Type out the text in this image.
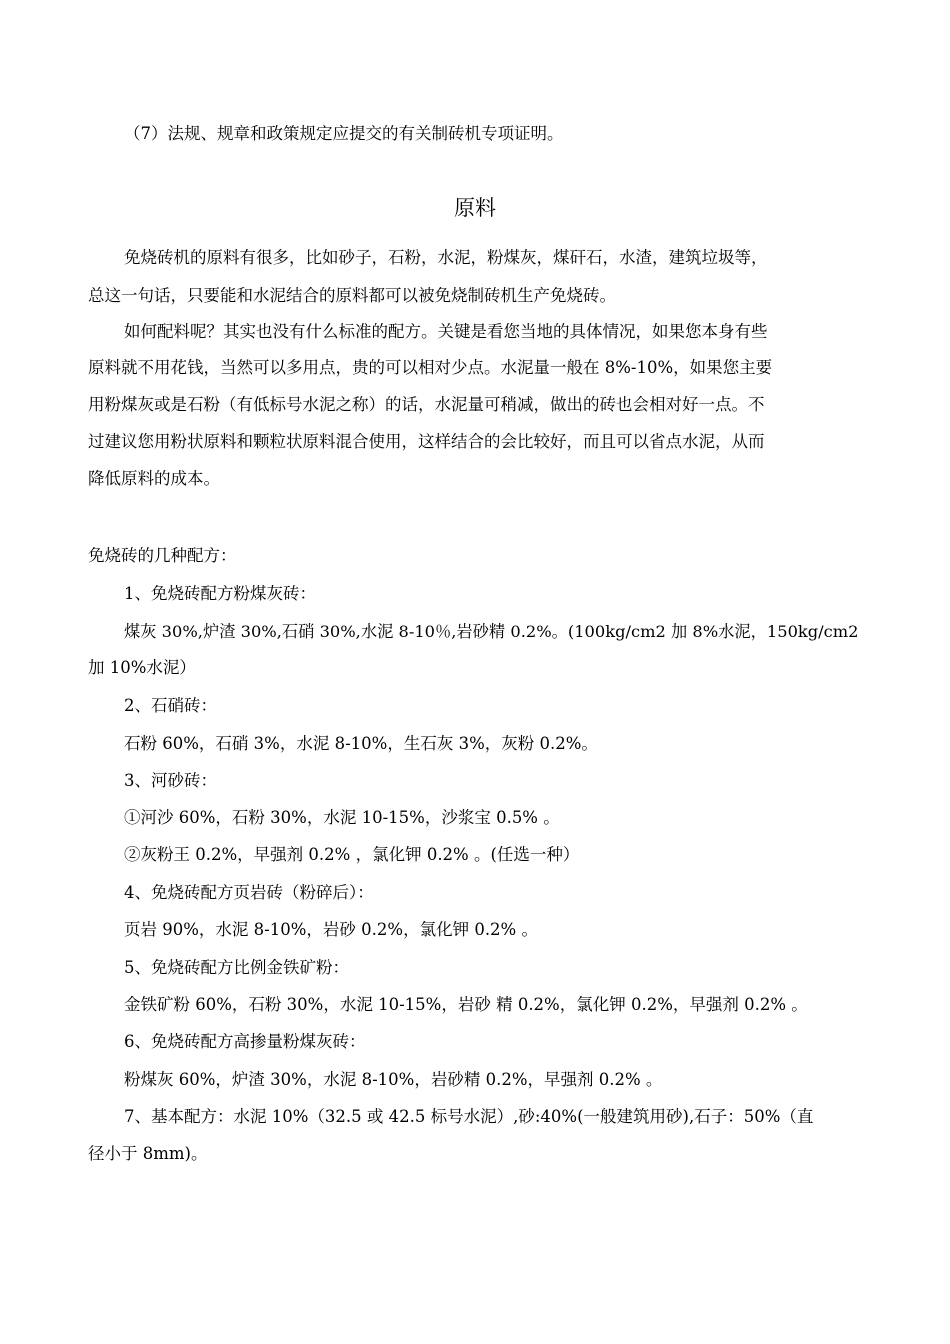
（7）法规、规章和政策规定应提交的有关制砖机专项证明。
原料
免烧砖机的原料有很多，比如砂子，石粉，水泥，粉煤灰，煤矸石，水渣，建筑垃圾等，
总这一句话，只要能和水泥结合的原料都可以被免烧制砖机生产免烧砖。
如何配料呢？其实也没有什么标准的配方。关键是看您当地的具体情况，如果您本身有些
原料就不用花钱，当然可以多用点，贵的可以相对少点。水泥量一般在 8%-10%，如果您主要
用粉煤灰或是石粉（有低标号水泥之称）的话，水泥量可稍减，做出的砖也会相对好一点。不
过建议您用粉状原料和颗粒状原料混合使用，这样结合的会比较好，而且可以省点水泥，从而
降低原料的成本。
免烧砖的几种配方：
1、免烧砖配方粉煤灰砖：
煤灰 30%,炉渣 30%,石硝 30%,水泥 8-10％,岩砂精 0.2%。(100kg/cm2 加 8%水泥，150kg/cm2
加 10%水泥）
2、石硝砖：
石粉 60%，石硝 3%，水泥 8-10%，生石灰 3%，灰粉 0.2%。
3、河砂砖：
①河沙 60%，石粉 30%，水泥 10-15%，沙浆宝 0.5% 。
②灰粉王 0.2%，早强剂 0.2% ，氯化钾 0.2% 。(任选一种）
4、免烧砖配方页岩砖（粉碎后）：
页岩 90%，水泥 8-10%，岩砂 0.2%，氯化钾 0.2% 。
5、免烧砖配方比例金铁矿粉：
金铁矿粉 60%，石粉 30%，水泥 10-15%，岩砂 精 0.2%，氯化钾 0.2%，早强剂 0.2% 。
6、免烧砖配方高掺量粉煤灰砖：
粉煤灰 60%，炉渣 30%，水泥 8-10%，岩砂精 0.2%，早强剂 0.2% 。
7、基本配方：水泥 10%（32.5 或 42.5 标号水泥）,砂:40%(一般建筑用砂),石子：50%（直
径小于 8mm)。
